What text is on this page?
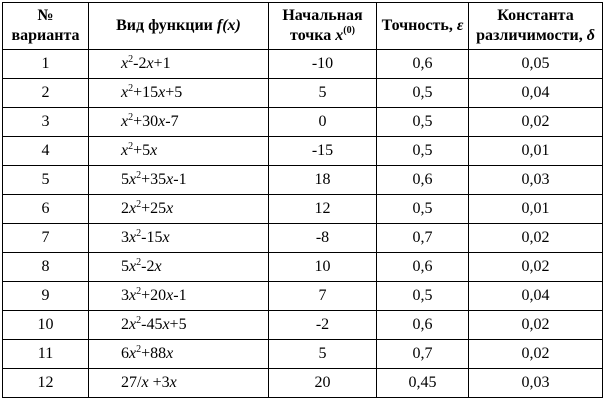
№ варианта	Вид функции f(x)	Начальная точка $x^{(0)}$	Точность, ε	Константа различимости, δ
1	$x^2-2x+1$	-10	0,6	0,05
2	$x^2+15x+5$	5	0,5	0,04
3	$x^2+30x-7$	0	0,5	0,02
4	$x^2+5x$	-15	0,5	0,01
5	$5x^2+35x-1$	18	0,6	0,03
6	$2x^2+25x$	12	0,5	0,01
7	$3x^2-15x$	-8	0,7	0,02
8	$5x^2-2x$	10	0,6	0,02
9	$3x^2+20x-1$	7	0,5	0,04
10	$2x^2-45x+5$	-2	0,6	0,02
11	$6x^2+88x$	5	0,7	0,02
12	27/x +3x	20	0,45	0,03
